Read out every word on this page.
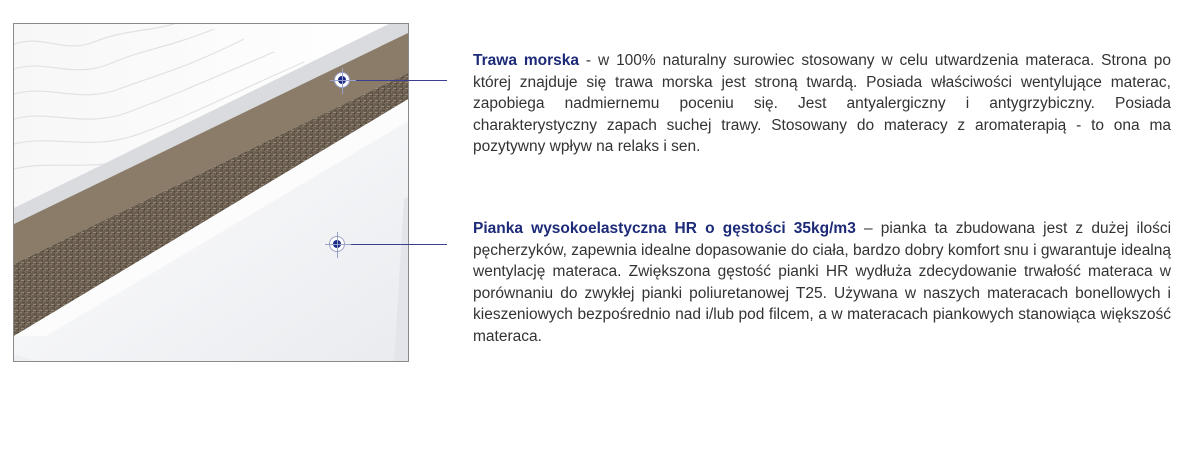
Trawa morska - w 100% naturalny surowiec stosowany w celu utwardzenia materaca. Strona po której znajduje się trawa morska jest stroną twardą. Posiada właściwości wentylujące materac, zapobiega nadmiernemu poceniu się. Jest antyalergiczny i antygrzybiczny. Posiada charakterystyczny zapach suchej trawy. Stosowany do materacy z aromaterapią - to ona ma pozytywny wpływ na relaks i sen.

Pianka wysokoelastyczna HR o gęstości 35kg/m3 – pianka ta zbudowana jest z dużej ilości pęcherzyków, zapewnia idealne dopasowanie do ciała, bardzo dobry komfort snu i gwarantuje idealną wentylację materaca. Zwiększona gęstość pianki HR wydłuża zdecydowanie trwałość materaca w porównaniu do zwykłej pianki poliuretanowej T25. Używana w naszych materacach bonellowych i kieszeniowych bezpośrednio nad i/lub pod filcem, a w materacach piankowych stanowiąca większość materaca.
